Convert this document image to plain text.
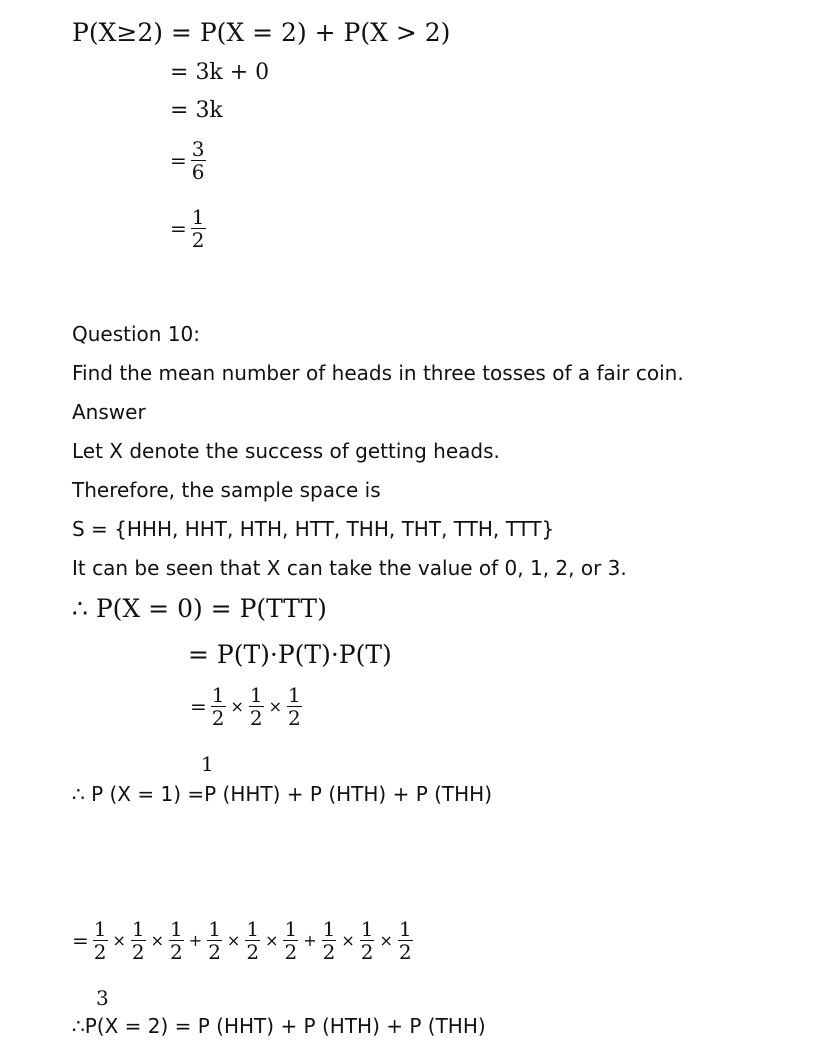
P(X≥2) = P(X = 2) + P(X > 2)
= 3k + 0
= 3k
= $\frac{3}{6}$
= $\frac{1}{2}$
Question 10:
Find the mean number of heads in three tosses of a fair coin.
Answer
Let X denote the success of getting heads.
Therefore, the sample space is
S = {HHH, HHT, HTH, HTT, THH, THT, TTH, TTT}
It can be seen that X can take the value of 0, 1, 2, or 3.
∴ P(X = 0) = P(TTT)
= P(T)·P(T)·P(T)
= $\frac{1}{2} \times \frac{1}{2} \times \frac{1}{2}$
1
∴ P (X = 1) =P (HHT) + P (HTH) + P (THH)
= $\frac{1}{2} \times \frac{1}{2} \times \frac{1}{2} + \frac{1}{2} \times \frac{1}{2} \times \frac{1}{2} + \frac{1}{2} \times \frac{1}{2} \times \frac{1}{2}$
3
∴P(X = 2) = P (HHT) + P (HTH) + P (THH)
